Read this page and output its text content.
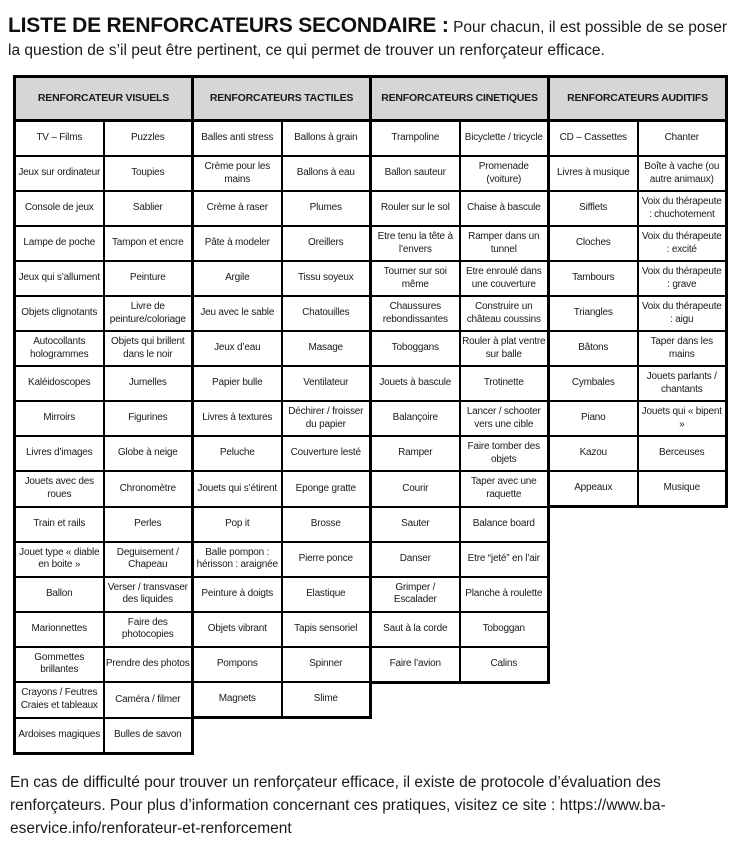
LISTE DE RENFORCATEURS SECONDAIRE : Pour chacun, il est possible de se poser la question de s’il peut être pertinent, ce qui permet de trouver un renforçateur efficace.

RENFORCATEUR VISUELS		RENFORCATEURS TACTILES		RENFORCATEURS CINETIQUES		RENFORCATEURS AUDITIFS	
TV – Films	Puzzles	Balles anti stress	Ballons à grain	Trampoline	Bicyclette / tricycle	CD – Cassettes	Chanter
Jeux sur ordinateur	Toupies	Crème pour les mains	Ballons à eau	Ballon sauteur	Promenade (voiture)	Livres à musique	Boîte à vache (ou autre animaux)
Console de jeux	Sablier	Crème à raser	Plumes	Rouler sur le sol	Chaise à bascule	Sifflets	Voix du thérapeute : chuchotement
Lampe de poche	Tampon et encre	Pâte à modeler	Oreillers	Etre tenu la tête à l’envers	Ramper dans un tunnel	Cloches	Voix du thérapeute : excité
Jeux qui s’allument	Peinture	Argile	Tissu soyeux	Tourner sur soi même	Etre enroulé dans une couverture	Tambours	Voix du thérapeute : grave
Objets clignotants	Livre de peinture/coloriage	Jeu avec le sable	Chatouilles	Chaussures rebondissantes	Construire un château coussins	Triangles	Voix du thérapeute : aigu
Autocollants hologrammes	Objets qui brillent dans le noir	Jeux d’eau	Masage	Toboggans	Rouler à plat ventre sur balle	Bâtons	Taper dans les mains
Kaléidoscopes	Jumelles	Papier bulle	Ventilateur	Jouets à bascule	Trotinette	Cymbales	Jouets parlants / chantants
Mirroirs	Figurines	Livres à textures	Déchirer / froisser du papier	Balançoire	Lancer / schooter vers une cible	Piano	Jouets qui « bipent »
Livres d’images	Globe à neige	Peluche	Couverture lesté	Ramper	Faire tomber des objets	Kazou	Berceuses
Jouets avec des roues	Chronomètre	Jouets qui s’étirent	Eponge gratte	Courir	Taper avec une raquette	Appeaux	Musique
Train et rails	Perles	Pop it	Brosse	Sauter	Balance board		
Jouet type « diable en boite »	Deguisement / Chapeau	Balle pompon : hérisson : araignée	Pierre ponce	Danser	Etre “jeté” en l’air		
Ballon	Verser / transvaser des liquides	Peinture à doigts	Elastique	Grimper / Escalader	Planche à roulette		
Marionnettes	Faire des photocopies	Objets vibrant	Tapis sensoriel	Saut à la corde	Toboggan		
Gommettes brillantes	Prendre des photos	Pompons	Spinner	Faire l’avion	Calins		
Crayons / Feutres Craies et tableaux	Caméra / filmer	Magnets	Slime				
Ardoises magiques	Bulles de savon						

En cas de difficulté pour trouver un renforçateur efficace, il existe de protocole d’évaluation des renforçateurs. Pour plus d’information concernant ces pratiques, visitez ce site : https://www.ba-eservice.info/renforateur-et-renforcement
